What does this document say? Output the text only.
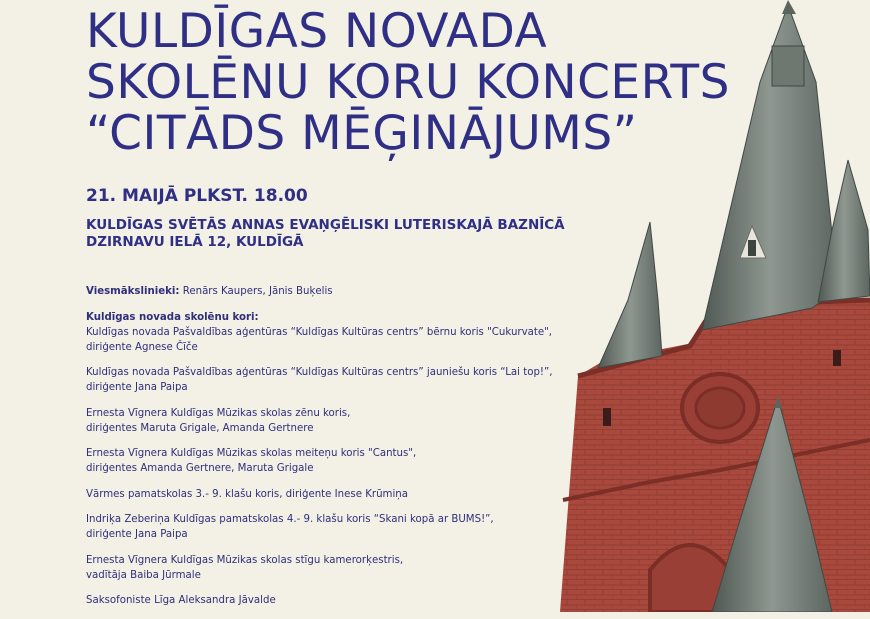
KULDĪGAS NOVADA
SKOLĒNU KORU KONCERTS
“CITĀDS MĒĢINĀJUMS”
21. MAIJĀ PLKST. 18.00
KULDĪGAS SVĒTĀS ANNAS EVAŅĢĒLISKI LUTERISKAJĀ BAZNĪCĀ
DZIRNAVU IELĀ 12, KULDĪGĀ

Viesmākslinieki: Renārs Kaupers, Jānis Buķelis

Kuldīgas novada skolēnu kori:

Kuldīgas novada Pašvaldības aģentūras “Kuldīgas Kultūras centrs” bērnu koris "Cukurvate",
diriģente Agnese Čīče

Kuldīgas novada Pašvaldības aģentūras “Kuldīgas Kultūras centrs” jauniešu koris “Lai top!”,
diriģente Jana Paipa

Ernesta Vīgnera Kuldīgas Mūzikas skolas zēnu koris,
diriģentes Maruta Grigale, Amanda Gertnere

Ernesta Vīgnera Kuldīgas Mūzikas skolas meiteņu koris "Cantus",
diriģentes Amanda Gertnere, Maruta Grigale

Vārmes pamatskolas 3.- 9. klašu koris, diriģente Inese Krūmiņa

Indriķa Zeberiņa Kuldīgas pamatskolas 4.- 9. klašu koris “Skani kopā ar BUMS!”,
diriģente Jana Paipa

Ernesta Vīgnera Kuldīgas Mūzikas skolas stīgu kamerorķestris,
vadītāja Baiba Jūrmale

Saksofoniste Līga Aleksandra Jāvalde
